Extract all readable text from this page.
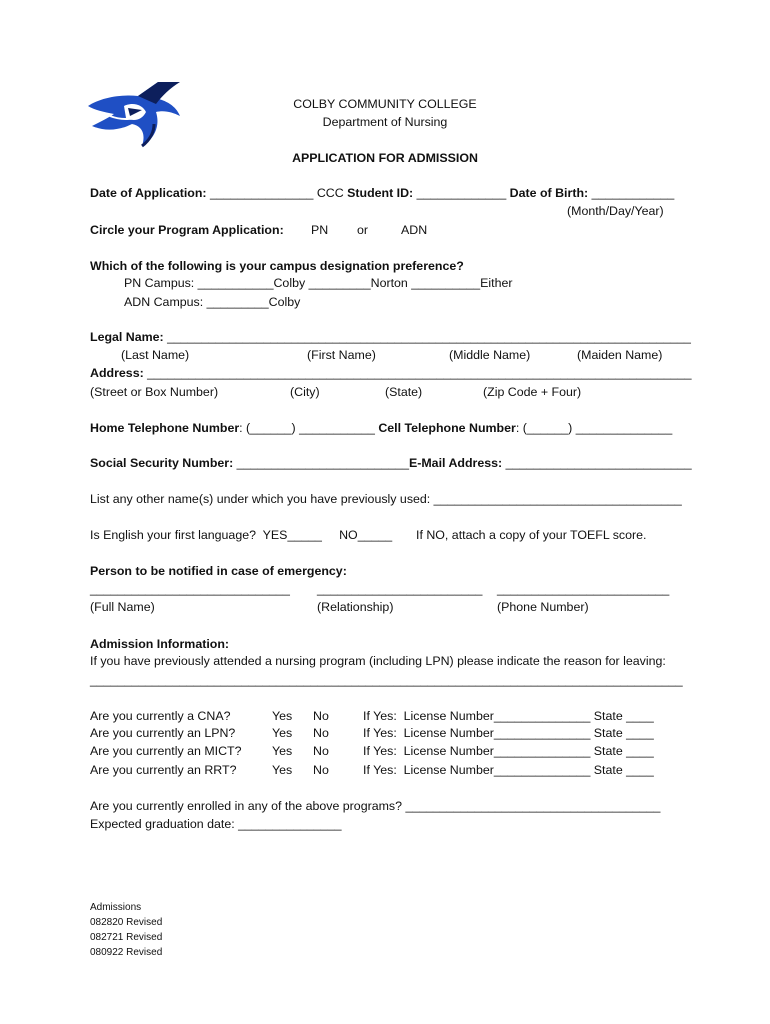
COLBY COMMUNITY COLLEGE
Department of Nursing
APPLICATION FOR ADMISSION
Date of Application: _______________ CCC Student ID: _____________ Date of Birth: ____________
(Month/Day/Year)
Circle your Program Application: PN or	ADN
Which of the following is your campus designation preference?
PN Campus: ___________Colby _________Norton __________Either
ADN Campus: _________Colby
Legal Name: ____________________________________________________________________________
(Last Name)	(First Name)	(Middle Name)	(Maiden Name)
Address: _______________________________________________________________________________
(Street or Box Number)	(City)	(State)	(Zip Code + Four)
Home Telephone Number: (______) ___________ Cell Telephone Number: (______) ______________
Social Security Number: _________________________E-Mail Address: ___________________________
List any other name(s) under which you have previously used: ____________________________________
Is English your first language?  YES_____     NO_____ If NO, attach a copy of your TOEFL score.
Person to be notified in case of emergency:
_____________________________ ________________________ _________________________
(Full Name)	(Relationship)	(Phone Number)
Admission Information:
If you have previously attended a nursing program (including LPN) please indicate the reason for leaving:
______________________________________________________________________________________
Are you currently a CNA?	Yes No	If Yes:  License Number______________ State ____
Are you currently an LPN?	Yes No	If Yes:  License Number______________ State ____
Are you currently an MICT? Yes No	If Yes:  License Number______________ State ____
Are you currently an RRT?	Yes No	If Yes:  License Number______________ State ____
Are you currently enrolled in any of the above programs? _____________________________________
Expected graduation date: _______________
Admissions
082820 Revised
082721 Revised
080922 Revised
